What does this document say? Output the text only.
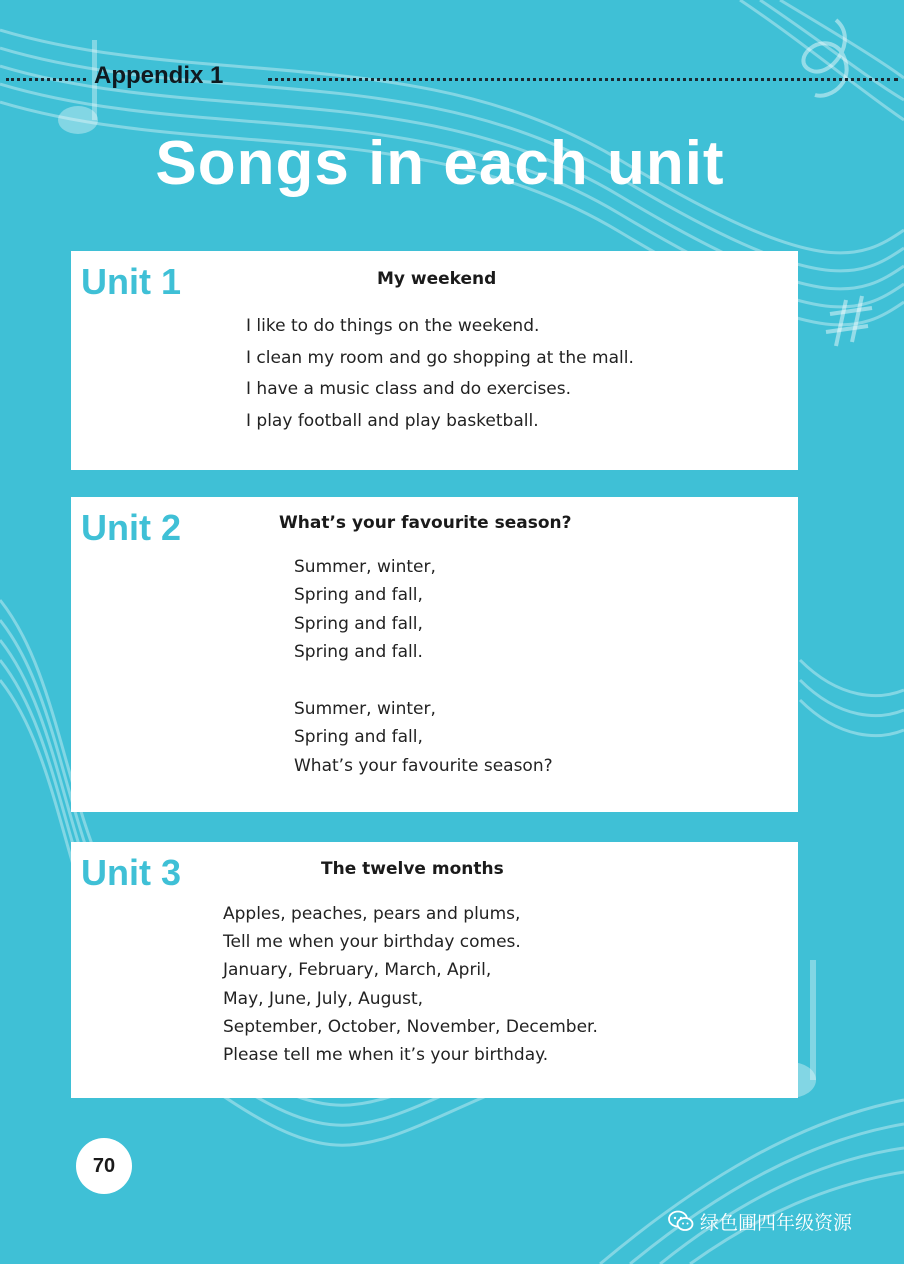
Appendix 1
Songs in each unit
Unit 1	My weekend
I like to do things on the weekend.
I clean my room and go shopping at the mall.
I have a music class and do exercises.
I play football and play basketball.
Unit 2	What’s your favourite season?
Summer, winter,
Spring and fall,
Spring and fall,
Spring and fall.
Summer, winter,
Spring and fall,
What’s your favourite season?
Unit 3	The twelve months
Apples, peaches, pears and plums,
Tell me when your birthday comes.
January, February, March, April,
May, June, July, August,
September, October, November, December.
Please tell me when it’s your birthday.
70
绿色圃四年级资源
